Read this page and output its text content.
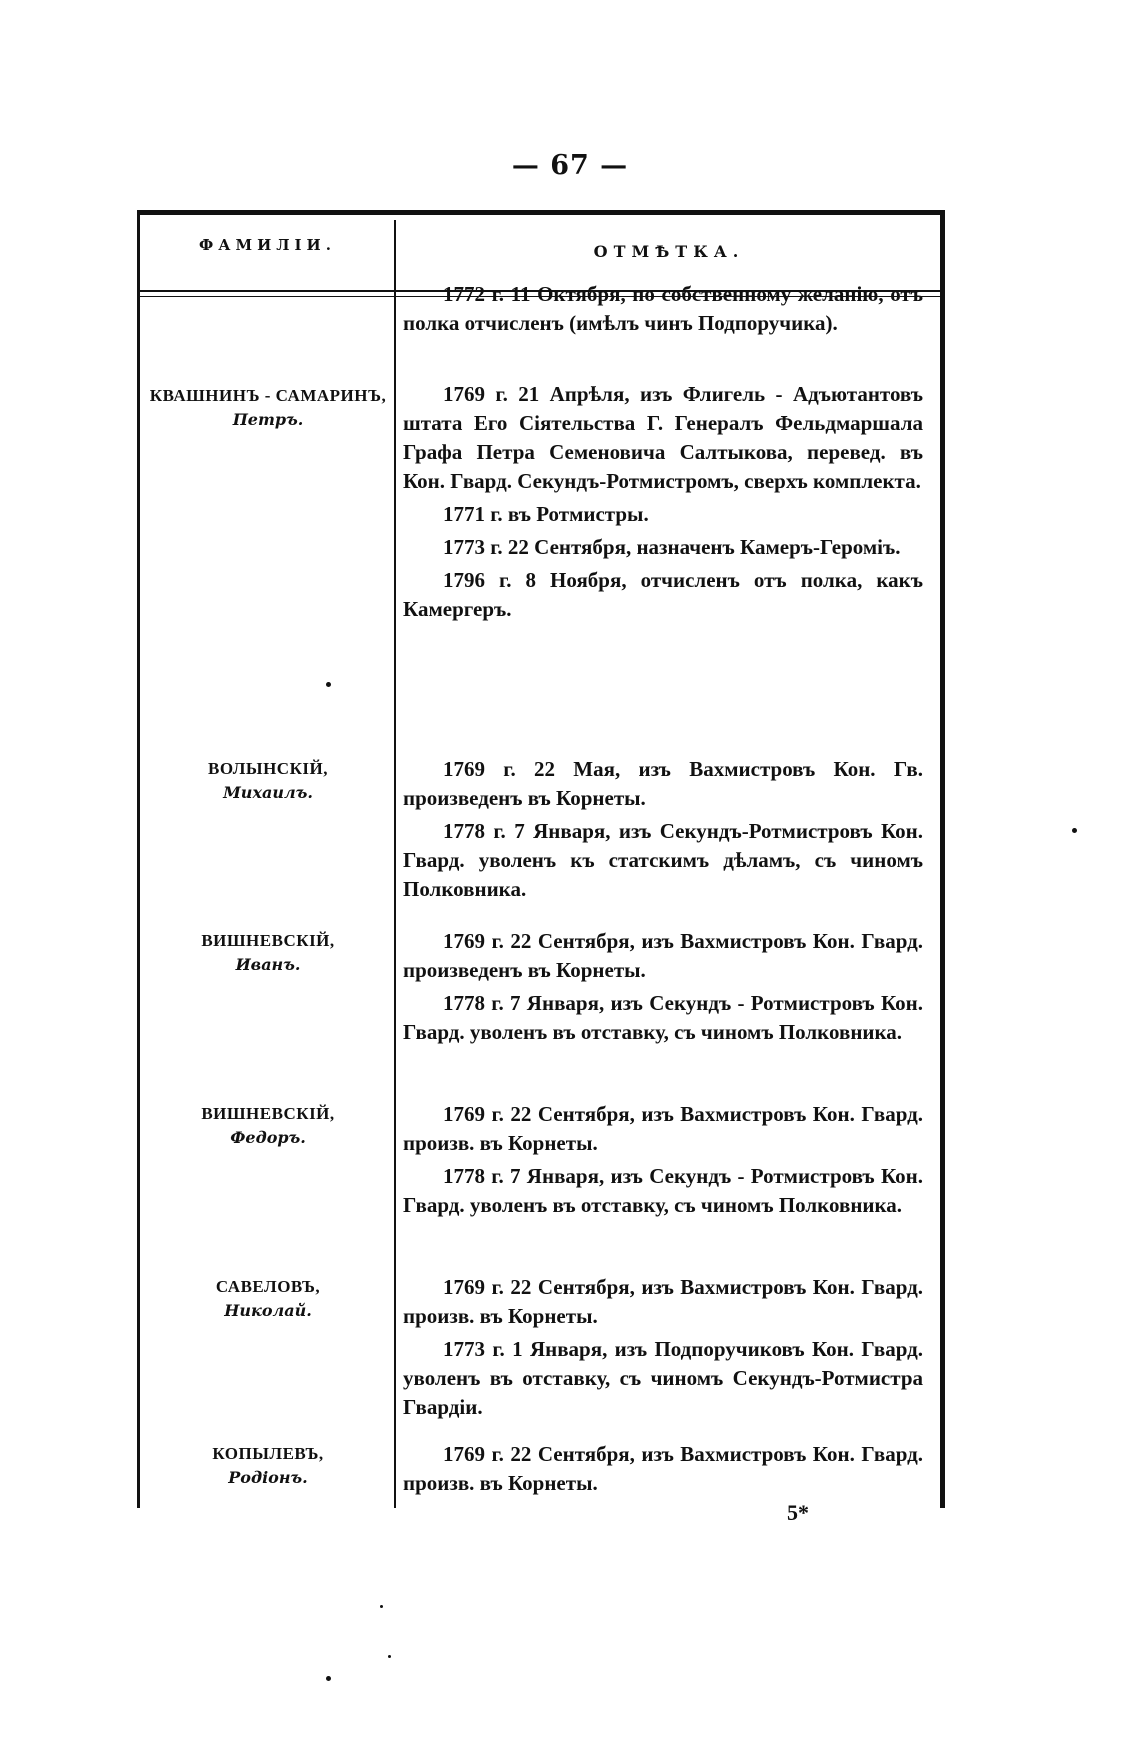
— 67 —
ФАМИЛІИ.	ОТМѢТКА.

1772 г. 11 Октября, по собственному желанію, отъ полка отчисленъ (имѣлъ чинъ Подпоручика).

КВАШНИНЪ - САМАРИНЪ,
Петръ.

1769 г. 21 Апрѣля, изъ Флигель - Адъютантовъ штата Его Сіятельства Г. Генералъ Фельдмаршала Графа Петра Семеновича Салтыкова, перевед. въ Кон. Гвард. Секундъ-Ротмистромъ, сверхъ комплекта.

1771 г. въ Ротмистры.

1773 г. 22 Сентября, назначенъ Камеръ-Героміъ.

1796 г. 8 Ноября, отчисленъ отъ полка, какъ Камергеръ.

ВОЛЫНСКІЙ,
Михаилъ.

1769 г. 22 Мая, изъ Вахмистровъ Кон. Гв. произведенъ въ Корнеты.

1778 г. 7 Января, изъ Секундъ-Ротмистровъ Кон. Гвард. уволенъ къ статскимъ дѣламъ, съ чиномъ Полковника.

ВИШНЕВСКІЙ,
Иванъ.

1769 г. 22 Сентября, изъ Вахмистровъ Кон. Гвард. произведенъ въ Корнеты.

1778 г. 7 Января, изъ Секундъ - Ротмистровъ Кон. Гвард. уволенъ въ отставку, съ чиномъ Полковника.

ВИШНЕВСКІЙ,
Федоръ.

1769 г. 22 Сентября, изъ Вахмистровъ Кон. Гвард. произв. въ Корнеты.

1778 г. 7 Января, изъ Секундъ - Ротмистровъ Кон. Гвард. уволенъ въ отставку, съ чиномъ Полковника.

САВЕЛОВЪ,
Николай.

1769 г. 22 Сентября, изъ Вахмистровъ Кон. Гвард. произв. въ Корнеты.

1773 г. 1 Января, изъ Подпоручиковъ Кон. Гвард. уволенъ въ отставку, съ чиномъ Секундъ-Ротмистра Гвардіи.

КОПЫЛЕВЪ,
Родіонъ.

1769 г. 22 Сентября, изъ Вахмистровъ Кон. Гвард. произв. въ Корнеты.

5*
